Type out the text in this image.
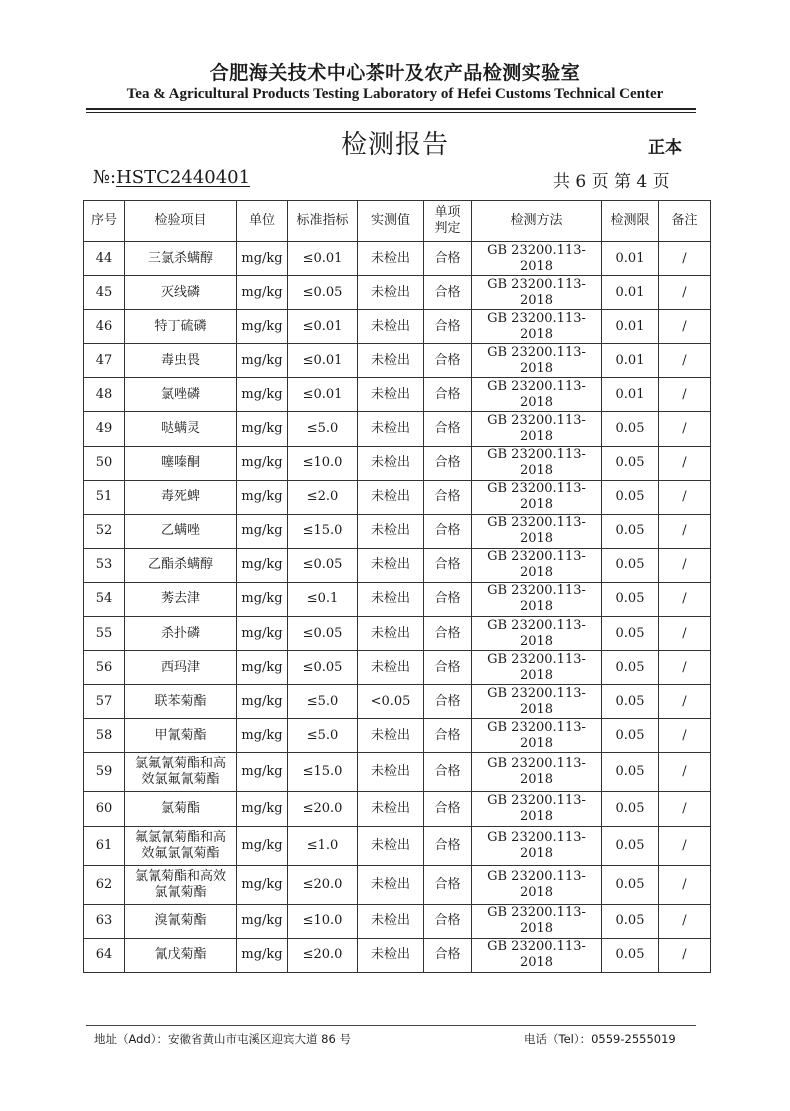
合肥海关技术中心茶叶及农产品检测实验室
Tea & Agricultural Products Testing Laboratory of Hefei Customs Technical Center
检测报告	正本
№:HSTC2440401	共 6 页 第 4 页
序号	检验项目	单位	标准指标	实测值	单项判定	检测方法	检测限	备注
44	三氯杀螨醇	mg/kg	≤0.01	未检出	合格	GB 23200.113-2018	0.01	/
45	灭线磷	mg/kg	≤0.05	未检出	合格	GB 23200.113-2018	0.01	/
46	特丁硫磷	mg/kg	≤0.01	未检出	合格	GB 23200.113-2018	0.01	/
47	毒虫畏	mg/kg	≤0.01	未检出	合格	GB 23200.113-2018	0.01	/
48	氯唑磷	mg/kg	≤0.01	未检出	合格	GB 23200.113-2018	0.01	/
49	哒螨灵	mg/kg	≤5.0	未检出	合格	GB 23200.113-2018	0.05	/
50	噻嗪酮	mg/kg	≤10.0	未检出	合格	GB 23200.113-2018	0.05	/
51	毒死蜱	mg/kg	≤2.0	未检出	合格	GB 23200.113-2018	0.05	/
52	乙螨唑	mg/kg	≤15.0	未检出	合格	GB 23200.113-2018	0.05	/
53	乙酯杀螨醇	mg/kg	≤0.05	未检出	合格	GB 23200.113-2018	0.05	/
54	莠去津	mg/kg	≤0.1	未检出	合格	GB 23200.113-2018	0.05	/
55	杀扑磷	mg/kg	≤0.05	未检出	合格	GB 23200.113-2018	0.05	/
56	西玛津	mg/kg	≤0.05	未检出	合格	GB 23200.113-2018	0.05	/
57	联苯菊酯	mg/kg	≤5.0	<0.05	合格	GB 23200.113-2018	0.05	/
58	甲氰菊酯	mg/kg	≤5.0	未检出	合格	GB 23200.113-2018	0.05	/
59	氯氟氰菊酯和高效氯氟氰菊酯	mg/kg	≤15.0	未检出	合格	GB 23200.113-2018	0.05	/
60	氯菊酯	mg/kg	≤20.0	未检出	合格	GB 23200.113-2018	0.05	/
61	氟氯氰菊酯和高效氟氯氰菊酯	mg/kg	≤1.0	未检出	合格	GB 23200.113-2018	0.05	/
62	氯氰菊酯和高效氯氰菊酯	mg/kg	≤20.0	未检出	合格	GB 23200.113-2018	0.05	/
63	溴氰菊酯	mg/kg	≤10.0	未检出	合格	GB 23200.113-2018	0.05	/
64	氰戊菊酯	mg/kg	≤20.0	未检出	合格	GB 23200.113-2018	0.05	/
地址（Add）：安徽省黄山市屯溪区迎宾大道 86 号	电话（Tel）：0559-2555019
